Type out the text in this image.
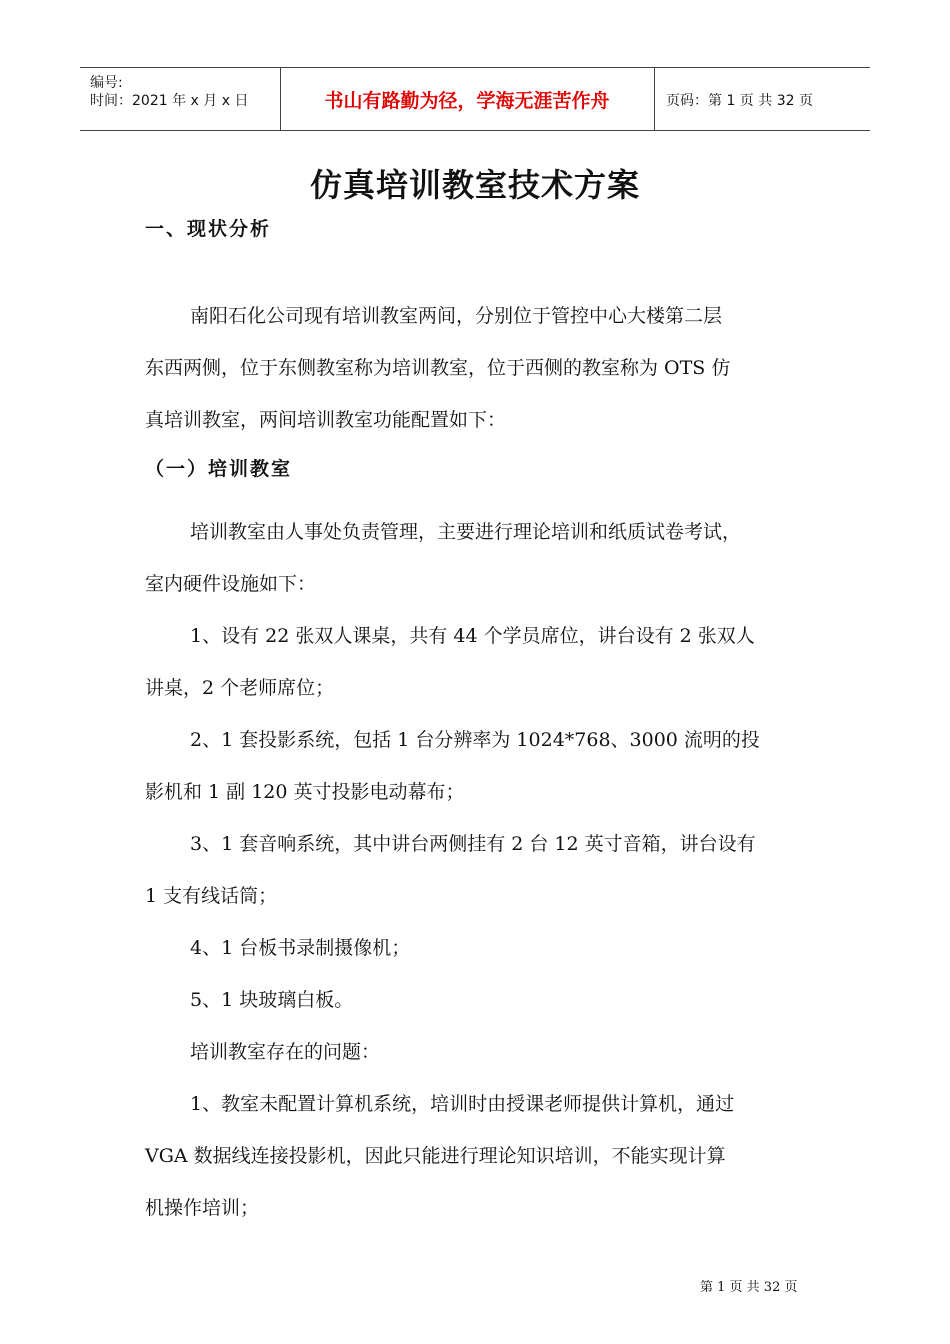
编号:
时间：2021 年 x 月 x 日	书山有路勤为径，学海无涯苦作舟	页码：第 1 页 共 32 页
仿真培训教室技术方案
一、现状分析

南阳石化公司现有培训教室两间，分别位于管控中心大楼第二层
东西两侧，位于东侧教室称为培训教室，位于西侧的教室称为 OTS 仿
真培训教室，两间培训教室功能配置如下：

（一）培训教室

培训教室由人事处负责管理，主要进行理论培训和纸质试卷考试，
室内硬件设施如下：
1、设有 22 张双人课桌，共有 44 个学员席位，讲台设有 2 张双人
讲桌，2 个老师席位；
2、1 套投影系统，包括 1 台分辨率为 1024*768、3000 流明的投
影机和 1 副 120 英寸投影电动幕布；
3、1 套音响系统，其中讲台两侧挂有 2 台 12 英寸音箱，讲台设有
1 支有线话筒；
4、1 台板书录制摄像机；
5、1 块玻璃白板。
培训教室存在的问题：
1、教室未配置计算机系统，培训时由授课老师提供计算机，通过
VGA 数据线连接投影机，因此只能进行理论知识培训，不能实现计算
机操作培训；

第 1 页 共 32 页
